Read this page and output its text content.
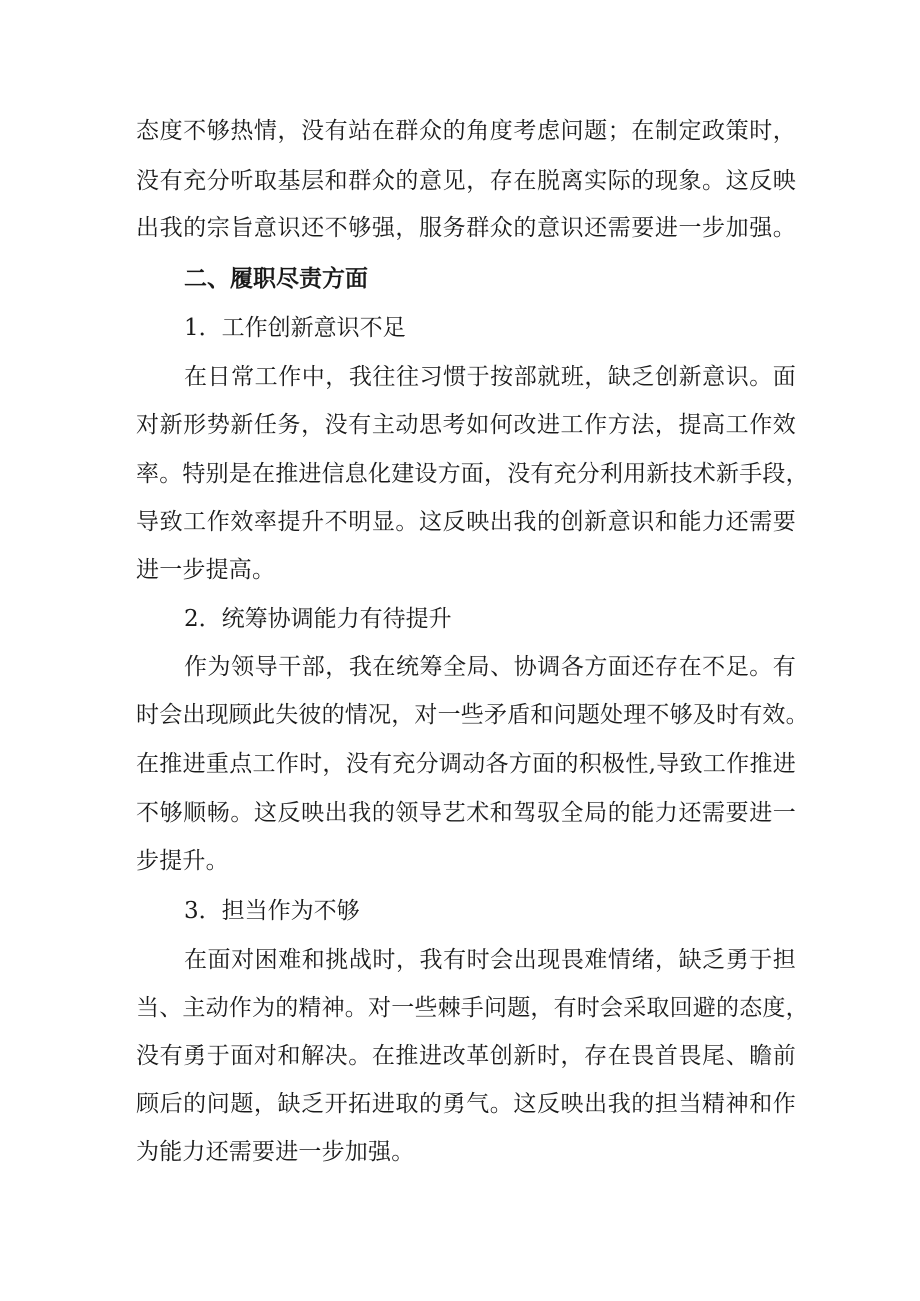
态度不够热情，没有站在群众的角度考虑问题；在制定政策时，
没有充分听取基层和群众的意见，存在脱离实际的现象。这反映
出我的宗旨意识还不够强，服务群众的意识还需要进一步加强。
二、履职尽责方面
1．工作创新意识不足
在日常工作中，我往往习惯于按部就班，缺乏创新意识。面
对新形势新任务，没有主动思考如何改进工作方法，提高工作效
率。特别是在推进信息化建设方面，没有充分利用新技术新手段，
导致工作效率提升不明显。这反映出我的创新意识和能力还需要
进一步提高。
2．统筹协调能力有待提升
作为领导干部，我在统筹全局、协调各方面还存在不足。有
时会出现顾此失彼的情况，对一些矛盾和问题处理不够及时有效。
在推进重点工作时，没有充分调动各方面的积极性,导致工作推进
不够顺畅。这反映出我的领导艺术和驾驭全局的能力还需要进一
步提升。
3．担当作为不够
在面对困难和挑战时，我有时会出现畏难情绪，缺乏勇于担
当、主动作为的精神。对一些棘手问题，有时会采取回避的态度，
没有勇于面对和解决。在推进改革创新时，存在畏首畏尾、瞻前
顾后的问题，缺乏开拓进取的勇气。这反映出我的担当精神和作
为能力还需要进一步加强。
